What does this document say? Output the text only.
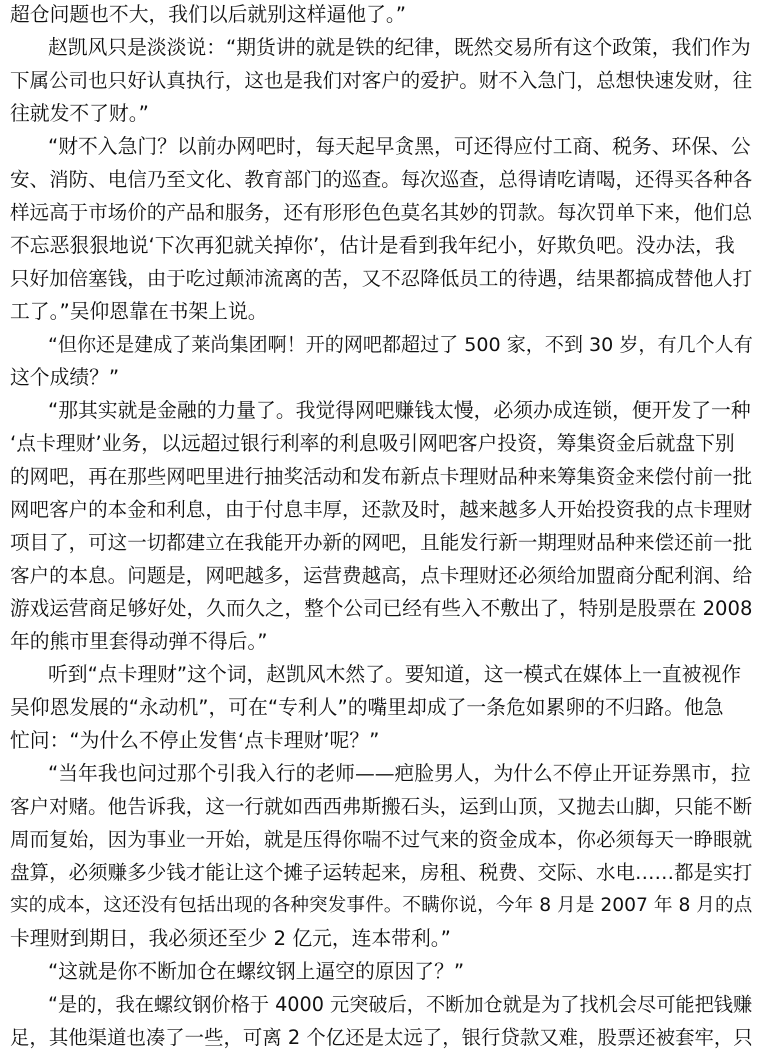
超仓问题也不大，我们以后就别这样逼他了。”
赵凯风只是淡淡说：“期货讲的就是铁的纪律，既然交易所有这个政策，我们作为
下属公司也只好认真执行，这也是我们对客户的爱护。财不入急门，总想快速发财，往
往就发不了财。”
“财不入急门？以前办网吧时，每天起早贪黑，可还得应付工商、税务、环保、公
安、消防、电信乃至文化、教育部门的巡查。每次巡查，总得请吃请喝，还得买各种各
样远高于市场价的产品和服务，还有形形色色莫名其妙的罚款。每次罚单下来，他们总
不忘恶狠狠地说‘下次再犯就关掉你’，估计是看到我年纪小，好欺负吧。没办法，我
只好加倍塞钱，由于吃过颠沛流离的苦，又不忍降低员工的待遇，结果都搞成替他人打
工了。”吴仰恩靠在书架上说。
“但你还是建成了莱尚集团啊！开的网吧都超过了 500 家，不到 30 岁，有几个人有
这个成绩？”
“那其实就是金融的力量了。我觉得网吧赚钱太慢，必须办成连锁，便开发了一种
‘点卡理财’业务，以远超过银行利率的利息吸引网吧客户投资，筹集资金后就盘下别
的网吧，再在那些网吧里进行抽奖活动和发布新点卡理财品种来筹集资金来偿付前一批
网吧客户的本金和利息，由于付息丰厚，还款及时，越来越多人开始投资我的点卡理财
项目了，可这一切都建立在我能开办新的网吧，且能发行新一期理财品种来偿还前一批
客户的本息。问题是，网吧越多，运营费越高，点卡理财还必须给加盟商分配利润、给
游戏运营商足够好处，久而久之，整个公司已经有些入不敷出了，特别是股票在 2008
年的熊市里套得动弹不得后。”
听到“点卡理财”这个词，赵凯风木然了。要知道，这一模式在媒体上一直被视作
吴仰恩发展的“永动机”，可在“专利人”的嘴里却成了一条危如累卵的不归路。他急
忙问：“为什么不停止发售‘点卡理财’呢？”
“当年我也问过那个引我入行的老师——疤脸男人，为什么不停止开证券黑市，拉
客户对赌。他告诉我，这一行就如西西弗斯搬石头，运到山顶，又抛去山脚，只能不断
周而复始，因为事业一开始，就是压得你喘不过气来的资金成本，你必须每天一睁眼就
盘算，必须赚多少钱才能让这个摊子运转起来，房租、税费、交际、水电……都是实打
实的成本，这还没有包括出现的各种突发事件。不瞒你说，今年 8 月是 2007 年 8 月的点
卡理财到期日，我必须还至少 2 亿元，连本带利。”
“这就是你不断加仓在螺纹钢上逼空的原因了？”
“是的，我在螺纹钢价格于 4000 元突破后，不断加仓就是为了找机会尽可能把钱赚
足，其他渠道也凑了一些，可离 2 个亿还是太远了，银行贷款又难，股票还被套牢，只
